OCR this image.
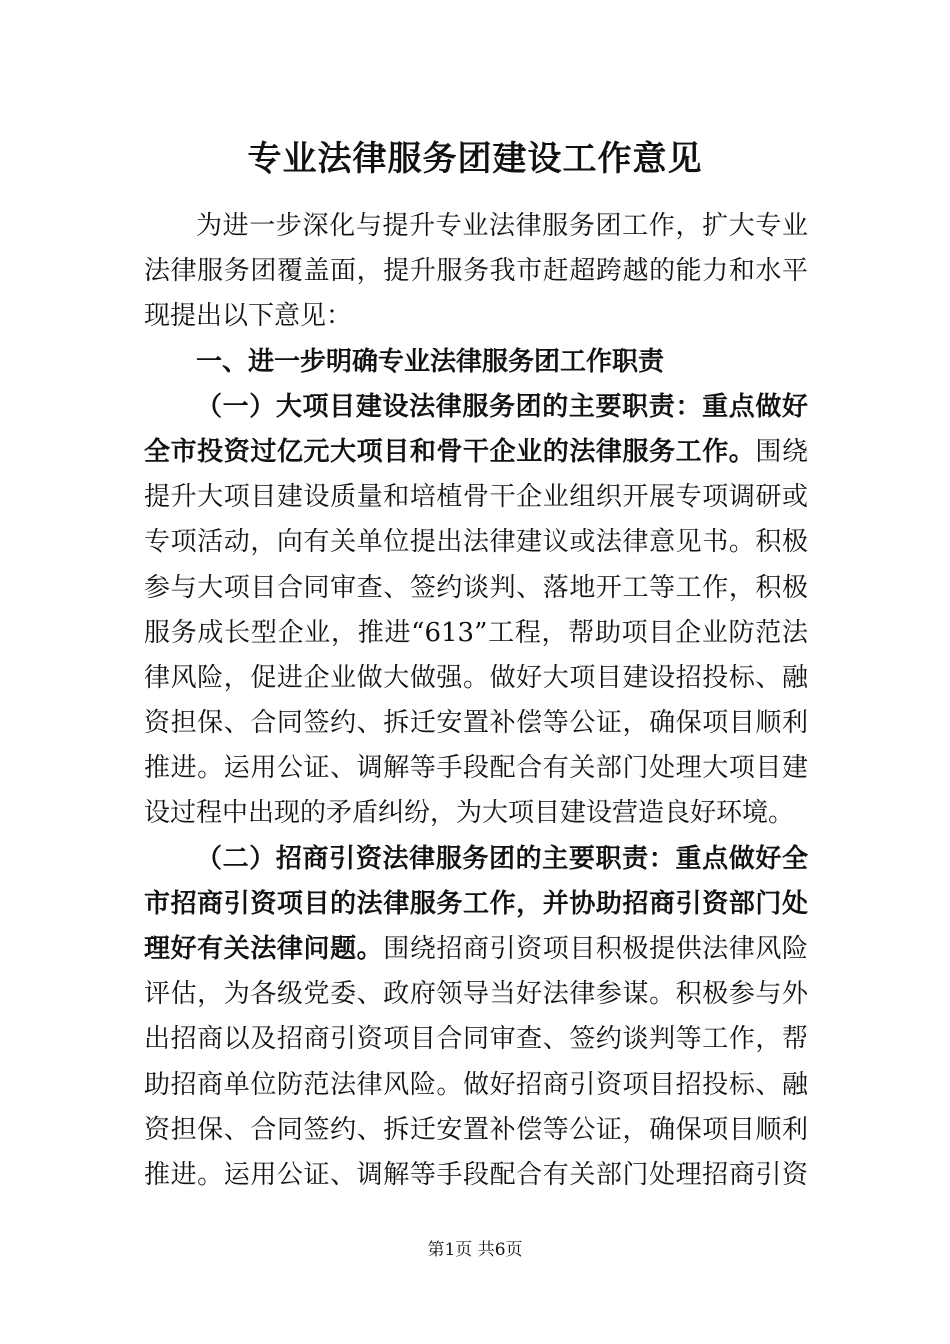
专业法律服务团建设工作意见
为进一步深化与提升专业法律服务团工作，扩大专业
法律服务团覆盖面，提升服务我市赶超跨越的能力和水平
现提出以下意见：
一、进一步明确专业法律服务团工作职责
（一）大项目建设法律服务团的主要职责：重点做好
全市投资过亿元大项目和骨干企业的法律服务工作。围绕
提升大项目建设质量和培植骨干企业组织开展专项调研或
专项活动，向有关单位提出法律建议或法律意见书。积极
参与大项目合同审查、签约谈判、落地开工等工作，积极
服务成长型企业，推进“613”工程，帮助项目企业防范法
律风险，促进企业做大做强。做好大项目建设招投标、融
资担保、合同签约、拆迁安置补偿等公证，确保项目顺利
推进。运用公证、调解等手段配合有关部门处理大项目建
设过程中出现的矛盾纠纷，为大项目建设营造良好环境。
（二）招商引资法律服务团的主要职责：重点做好全
市招商引资项目的法律服务工作，并协助招商引资部门处
理好有关法律问题。围绕招商引资项目积极提供法律风险
评估，为各级党委、政府领导当好法律参谋。积极参与外
出招商以及招商引资项目合同审查、签约谈判等工作，帮
助招商单位防范法律风险。做好招商引资项目招投标、融
资担保、合同签约、拆迁安置补偿等公证，确保项目顺利
推进。运用公证、调解等手段配合有关部门处理招商引资
第1页 共6页
